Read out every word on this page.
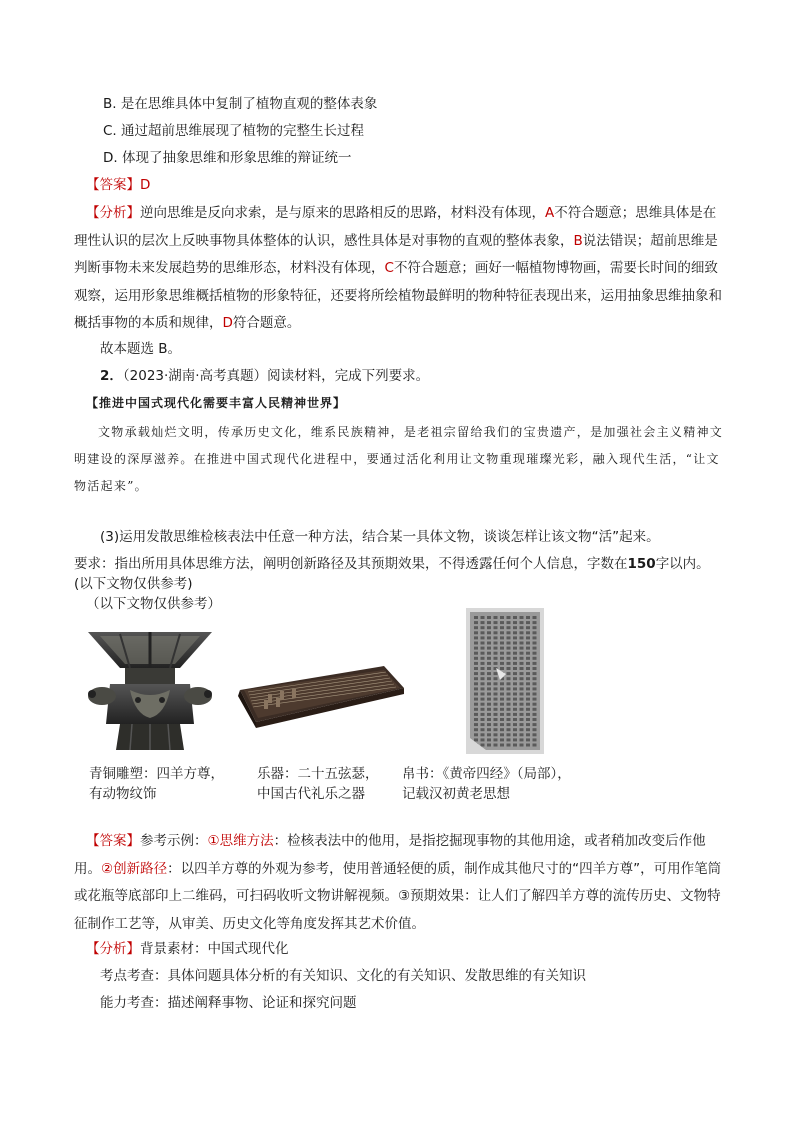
B. 是在思维具体中复制了植物直观的整体表象
C. 通过超前思维展现了植物的完整生长过程
D. 体现了抽象思维和形象思维的辩证统一
【答案】D

【分析】逆向思维是反向求索，是与原来的思路相反的思路，材料没有体现，A不符合题意；思维具体是在理性认识的层次上反映事物具体整体的认识，感性具体是对事物的直观的整体表象，B说法错误；超前思维是判断事物未来发展趋势的思维形态，材料没有体现，C不符合题意；画好一幅植物博物画，需要长时间的细致观察，运用形象思维概括植物的形象特征，还要将所绘植物最鲜明的物种特征表现出来，运用抽象思维抽象和概括事物的本质和规律，D符合题意。

故本题选 B。
2．（2023·湖南·高考真题）阅读材料，完成下列要求。
【推进中国式现代化需要丰富人民精神世界】
文物承载灿烂文明，传承历史文化，维系民族精神，是老祖宗留给我们的宝贵遗产，是加强社会主义精神文明建设的深厚滋养。在推进中国式现代化进程中，要通过活化利用让文物重现璀璨光彩，融入现代生活，“让文物活起来”。
(3)运用发散思维检核表法中任意一种方法，结合某一具体文物，谈谈怎样让该文物“活”起来。
要求：指出所用具体思维方法，阐明创新路径及其预期效果，不得透露任何个人信息，字数在150字以内。
(以下文物仅供参考)
（以下文物仅供参考）
青铜雕塑：四羊方尊，
有动物纹饰
乐器：二十五弦瑟，
中国古代礼乐之器
帛书：《黄帝四经》（局部），
记载汉初黄老思想

【答案】参考示例：①思维方法：检核表法中的他用，是指挖掘现事物的其他用途，或者稍加改变后作他用。②创新路径：以四羊方尊的外观为参考，使用普通轻便的质，制作成其他尺寸的“四羊方尊”，可用作笔筒或花瓶等底部印上二维码，可扫码收听文物讲解视频。③预期效果：让人们了解四羊方尊的流传历史、文物特征制作工艺等，从审美、历史文化等角度发挥其艺术价值。

【分析】背景素材：中国式现代化
考点考查：具体问题具体分析的有关知识、文化的有关知识、发散思维的有关知识
能力考查：描述阐释事物、论证和探究问题
